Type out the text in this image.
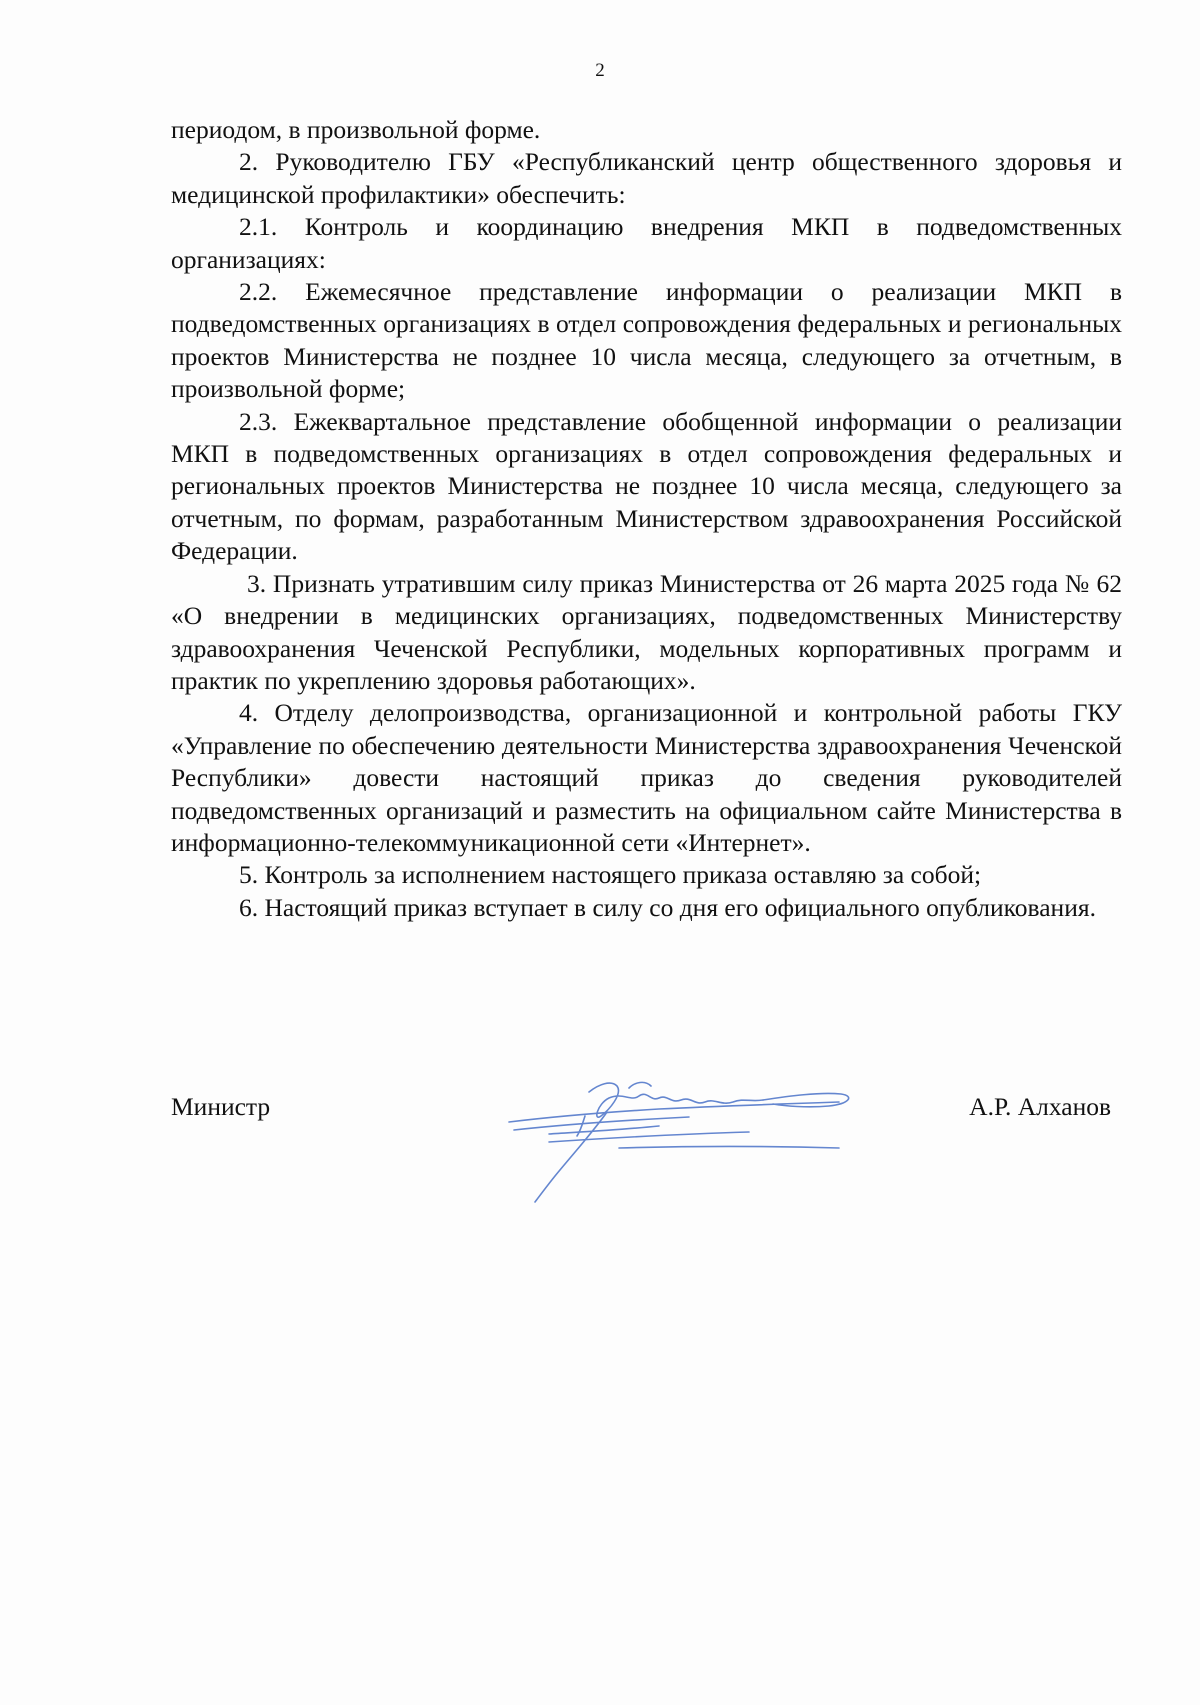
2

периодом, в произвольной форме.

2. Руководителю ГБУ «Республиканский центр общественного здоровья и медицинской профилактики» обеспечить:

2.1. Контроль и координацию внедрения МКП в подведомственных организациях:

2.2. Ежемесячное представление информации о реализации МКП в подведомственных организациях в отдел сопровождения федеральных и региональных проектов Министерства не позднее 10 числа месяца, следующего за отчетным, в произвольной форме;

2.3. Ежеквартальное представление обобщенной информации о реализации МКП в подведомственных организациях в отдел сопровождения федеральных и региональных проектов Министерства не позднее 10 числа месяца, следующего за отчетным, по формам, разработанным Министерством здравоохранения Российской Федерации.

3. Признать утратившим силу приказ Министерства от 26 марта 2025 года № 62 «О внедрении в медицинских организациях, подведомственных Министерству здравоохранения Чеченской Республики, модельных корпоративных программ и практик по укреплению здоровья работающих».

4. Отделу делопроизводства, организационной и контрольной работы ГКУ «Управление по обеспечению деятельности Министерства здравоохранения Чеченской Республики» довести настоящий приказ до сведения руководителей подведомственных организаций и разместить на официальном сайте Министерства в информационно-телекоммуникационной сети «Интернет».

5. Контроль за исполнением настоящего приказа оставляю за собой;

6. Настоящий приказ вступает в силу со дня его официального опубликования.

Министр	А.Р. Алханов
